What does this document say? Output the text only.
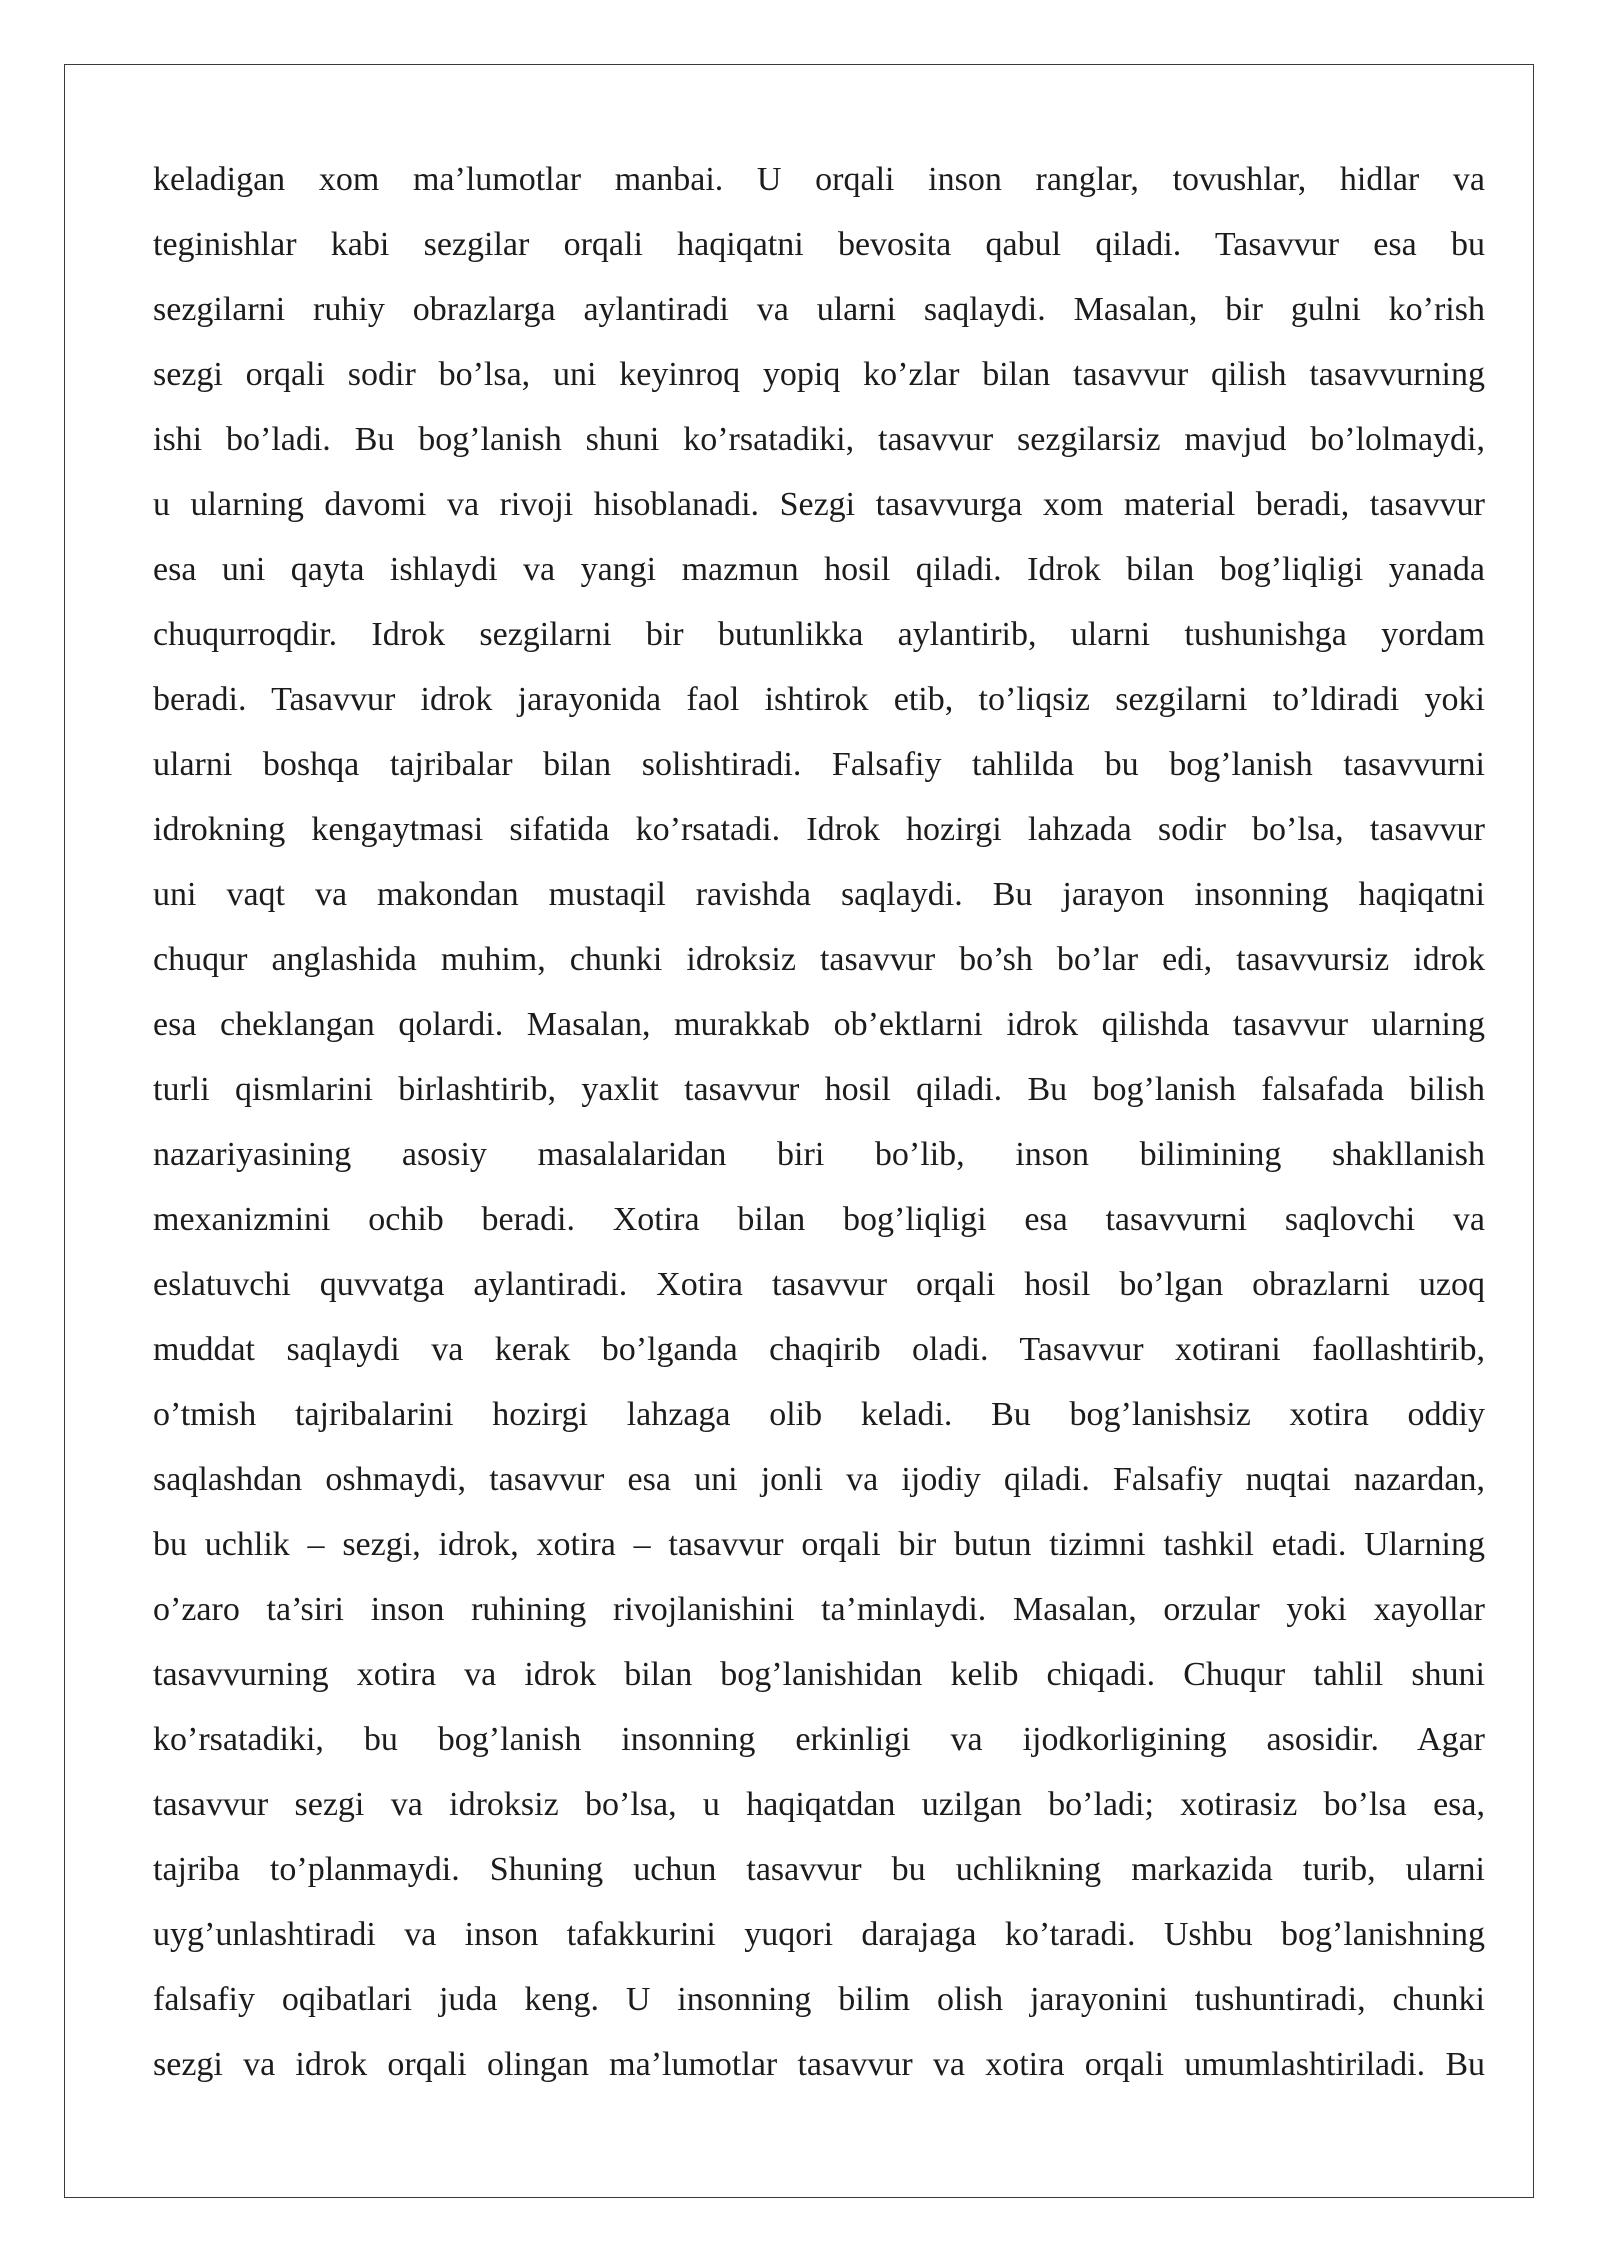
keladigan xom ma’lumotlar manbai. U orqali inson ranglar, tovushlar, hidlar va
teginishlar kabi sezgilar orqali haqiqatni bevosita qabul qiladi. Tasavvur esa bu
sezgilarni ruhiy obrazlarga aylantiradi va ularni saqlaydi. Masalan, bir gulni ko’rish
sezgi orqali sodir bo’lsa, uni keyinroq yopiq ko’zlar bilan tasavvur qilish tasavvurning
ishi bo’ladi. Bu bog’lanish shuni ko’rsatadiki, tasavvur sezgilarsiz mavjud bo’lolmaydi,
u ularning davomi va rivoji hisoblanadi. Sezgi tasavvurga xom material beradi, tasavvur
esa uni qayta ishlaydi va yangi mazmun hosil qiladi. Idrok bilan bog’liqligi yanada
chuqurroqdir. Idrok sezgilarni bir butunlikka aylantirib, ularni tushunishga yordam
beradi. Tasavvur idrok jarayonida faol ishtirok etib, to’liqsiz sezgilarni to’ldiradi yoki
ularni boshqa tajribalar bilan solishtiradi. Falsafiy tahlilda bu bog’lanish tasavvurni
idrokning kengaytmasi sifatida ko’rsatadi. Idrok hozirgi lahzada sodir bo’lsa, tasavvur
uni vaqt va makondan mustaqil ravishda saqlaydi. Bu jarayon insonning haqiqatni
chuqur anglashida muhim, chunki idroksiz tasavvur bo’sh bo’lar edi, tasavvursiz idrok
esa cheklangan qolardi. Masalan, murakkab ob’ektlarni idrok qilishda tasavvur ularning
turli qismlarini birlashtirib, yaxlit tasavvur hosil qiladi. Bu bog’lanish falsafada bilish
nazariyasining asosiy masalalaridan biri bo’lib, inson bilimining shakllanish
mexanizmini ochib beradi. Xotira bilan bog’liqligi esa tasavvurni saqlovchi va
eslatuvchi quvvatga aylantiradi. Xotira tasavvur orqali hosil bo’lgan obrazlarni uzoq
muddat saqlaydi va kerak bo’lganda chaqirib oladi. Tasavvur xotirani faollashtirib,
o’tmish tajribalarini hozirgi lahzaga olib keladi. Bu bog’lanishsiz xotira oddiy
saqlashdan oshmaydi, tasavvur esa uni jonli va ijodiy qiladi. Falsafiy nuqtai nazardan,
bu uchlik – sezgi, idrok, xotira – tasavvur orqali bir butun tizimni tashkil etadi. Ularning
o’zaro ta’siri inson ruhining rivojlanishini ta’minlaydi. Masalan, orzular yoki xayollar
tasavvurning xotira va idrok bilan bog’lanishidan kelib chiqadi. Chuqur tahlil shuni
ko’rsatadiki, bu bog’lanish insonning erkinligi va ijodkorligining asosidir. Agar
tasavvur sezgi va idroksiz bo’lsa, u haqiqatdan uzilgan bo’ladi; xotirasiz bo’lsa esa,
tajriba to’planmaydi. Shuning uchun tasavvur bu uchlikning markazida turib, ularni
uyg’unlashtiradi va inson tafakkurini yuqori darajaga ko’taradi. Ushbu bog’lanishning
falsafiy oqibatlari juda keng. U insonning bilim olish jarayonini tushuntiradi, chunki
sezgi va idrok orqali olingan ma’lumotlar tasavvur va xotira orqali umumlashtiriladi. Bu
